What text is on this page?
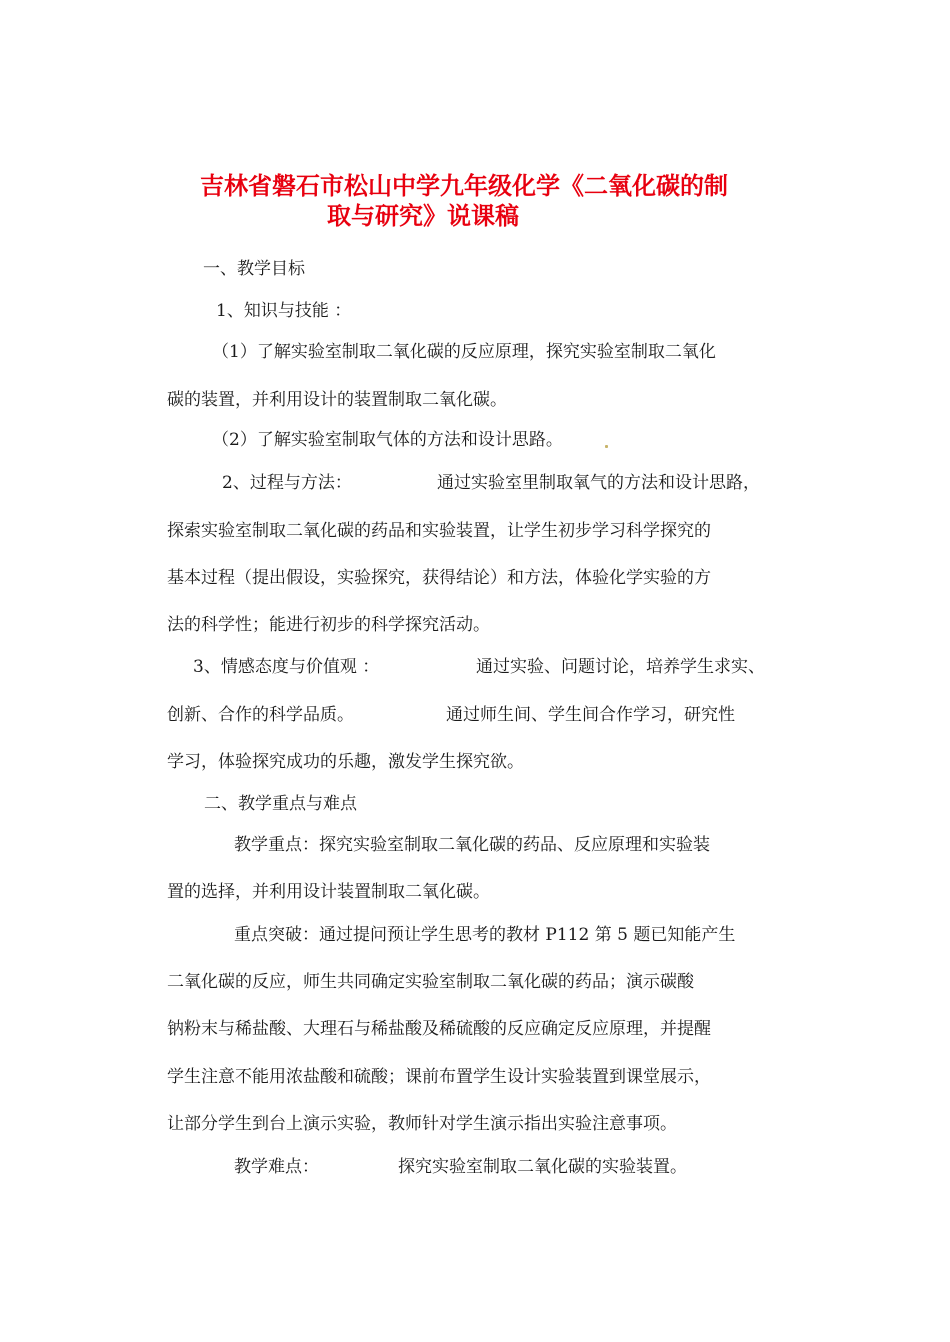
吉林省磐石市松山中学九年级化学《二氧化碳的制
取与研究》说课稿
一、教学目标
1、知识与技能 ：
（1）了解实验室制取二氧化碳的反应原理，探究实验室制取二氧化
碳的装置，并利用设计的装置制取二氧化碳。
（2）了解实验室制取气体的方法和设计思路。
2、过程与方法：	通过实验室里制取氧气的方法和设计思路，
探索实验室制取二氧化碳的药品和实验装置，让学生初步学习科学探究的
基本过程（提出假设，实验探究，获得结论）和方法，体验化学实验的方
法的科学性；能进行初步的科学探究活动。
3、情感态度与价值观 ：	通过实验、问题讨论，培养学生求实、
创新、合作的科学品质。	通过师生间、学生间合作学习，研究性
学习，体验探究成功的乐趣，激发学生探究欲。
二、教学重点与难点
教学重点：探究实验室制取二氧化碳的药品、反应原理和实验装
置的选择，并利用设计装置制取二氧化碳。
重点突破：通过提问预让学生思考的教材 P112 第 5 题已知能产生
二氧化碳的反应，师生共同确定实验室制取二氧化碳的药品；演示碳酸
钠粉末与稀盐酸、大理石与稀盐酸及稀硫酸的反应确定反应原理，并提醒
学生注意不能用浓盐酸和硫酸；课前布置学生设计实验装置到课堂展示，
让部分学生到台上演示实验，教师针对学生演示指出实验注意事项。
教学难点：	探究实验室制取二氧化碳的实验装置。
